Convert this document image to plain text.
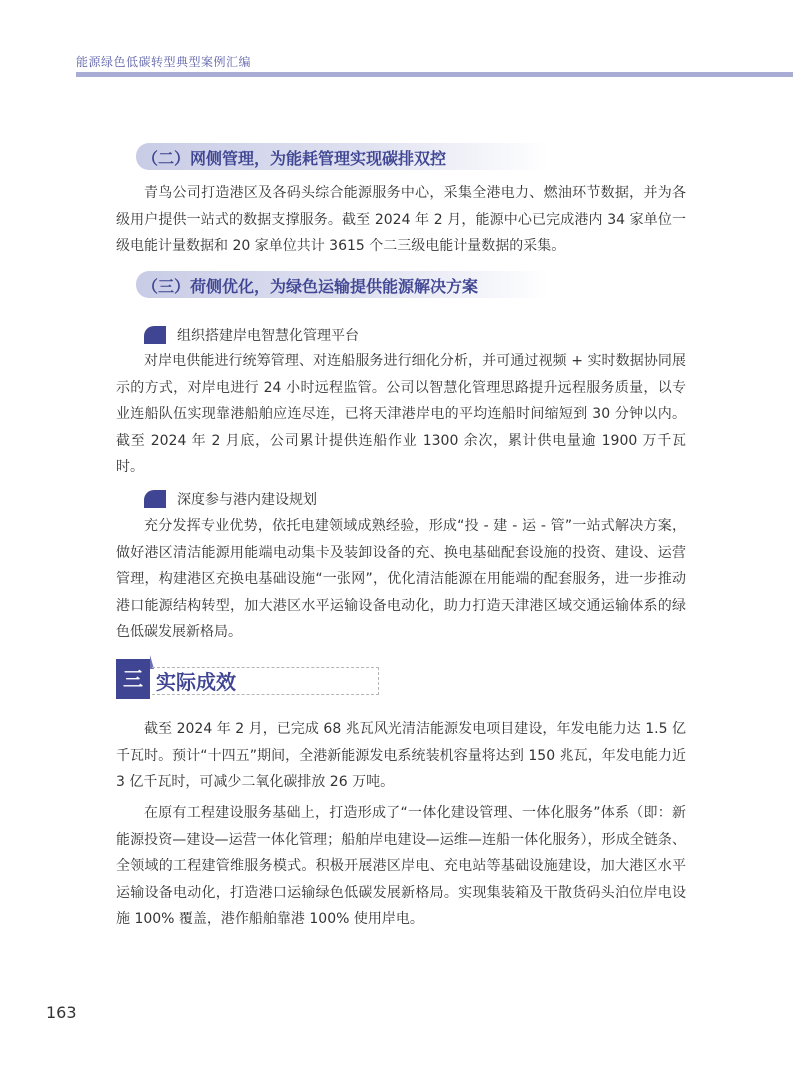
能源绿色低碳转型典型案例汇编
（二）网侧管理，为能耗管理实现碳排双控

青鸟公司打造港区及各码头综合能源服务中心，采集全港电力、燃油环节数据，并为各级用户提供一站式的数据支撑服务。截至 2024 年 2 月，能源中心已完成港内 34 家单位一级电能计量数据和 20 家单位共计 3615 个二三级电能计量数据的采集。

（三）荷侧优化，为绿色运输提供能源解决方案
组织搭建岸电智慧化管理平台

对岸电供能进行统筹管理、对连船服务进行细化分析，并可通过视频 + 实时数据协同展示的方式，对岸电进行 24 小时远程监管。公司以智慧化管理思路提升远程服务质量，以专业连船队伍实现靠港船舶应连尽连，已将天津港岸电的平均连船时间缩短到 30 分钟以内。截至 2024 年 2 月底，公司累计提供连船作业 1300 余次，累计供电量逾 1900 万千瓦时。

深度参与港内建设规划

充分发挥专业优势，依托电建领域成熟经验，形成“投 - 建 - 运 - 管”一站式解决方案，做好港区清洁能源用能端电动集卡及装卸设备的充、换电基础配套设施的投资、建设、运营管理，构建港区充换电基础设施“一张网”，优化清洁能源在用能端的配套服务，进一步推动港口能源结构转型，加大港区水平运输设备电动化，助力打造天津港区域交通运输体系的绿色低碳发展新格局。

三 实际成效

截至 2024 年 2 月，已完成 68 兆瓦风光清洁能源发电项目建设，年发电能力达 1.5 亿千瓦时。预计“十四五”期间，全港新能源发电系统装机容量将达到 150 兆瓦，年发电能力近 3 亿千瓦时，可减少二氧化碳排放 26 万吨。

在原有工程建设服务基础上，打造形成了“一体化建设管理、一体化服务”体系（即：新能源投资—建设—运营一体化管理；船舶岸电建设—运维—连船一体化服务），形成全链条、全领域的工程建管维服务模式。积极开展港区岸电、充电站等基础设施建设，加大港区水平运输设备电动化，打造港口运输绿色低碳发展新格局。实现集装箱及干散货码头泊位岸电设施 100% 覆盖，港作船舶靠港 100% 使用岸电。

163
